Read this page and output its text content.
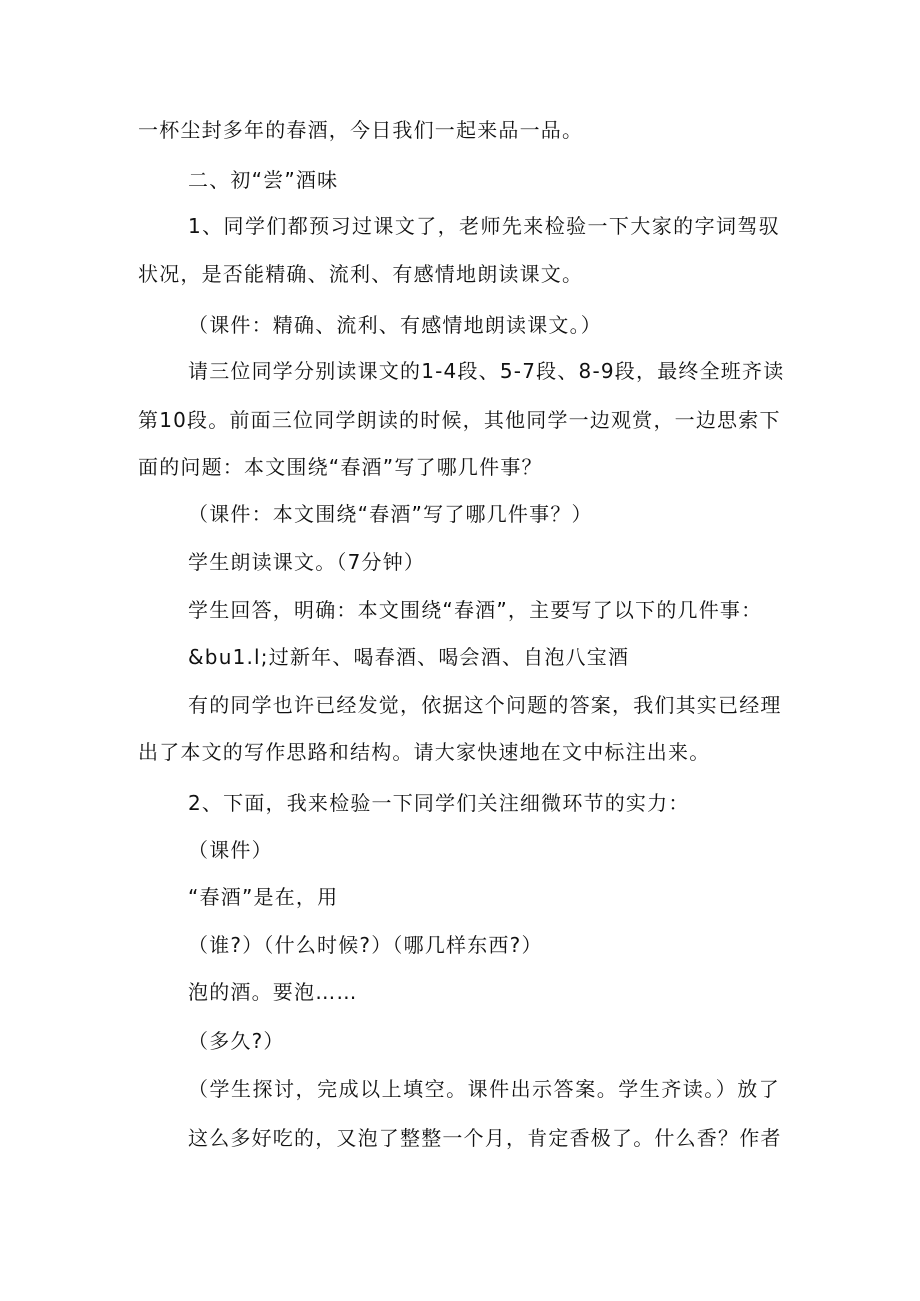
一杯尘封多年的春酒，今日我们一起来品一品。
二、初“尝”酒味
1、同学们都预习过课文了，老师先来检验一下大家的字词驾驭
状况，是否能精确、流利、有感情地朗读课文。
（课件：精确、流利、有感情地朗读课文。）
请三位同学分别读课文的1-4段、5-7段、8-9段，最终全班齐读
第10段。前面三位同学朗读的时候，其他同学一边观赏，一边思索下
面的问题：本文围绕“春酒”写了哪几件事？
（课件：本文围绕“春酒”写了哪几件事？）
学生朗读课文。（7分钟）
学生回答，明确：本文围绕“春酒”，主要写了以下的几件事：
&bu1.l;过新年、喝春酒、喝会酒、自泡八宝酒
有的同学也许已经发觉，依据这个问题的答案，我们其实已经理
出了本文的写作思路和结构。请大家快速地在文中标注出来。
2、下面，我来检验一下同学们关注细微环节的实力：
（课件）
“春酒”是在，用
（谁?）（什么时候?）（哪几样东西?）
泡的酒。要泡……
（多久?）
（学生探讨，完成以上填空。课件出示答案。学生齐读。）放了
这么多好吃的，又泡了整整一个月，肯定香极了。什么香？作者
